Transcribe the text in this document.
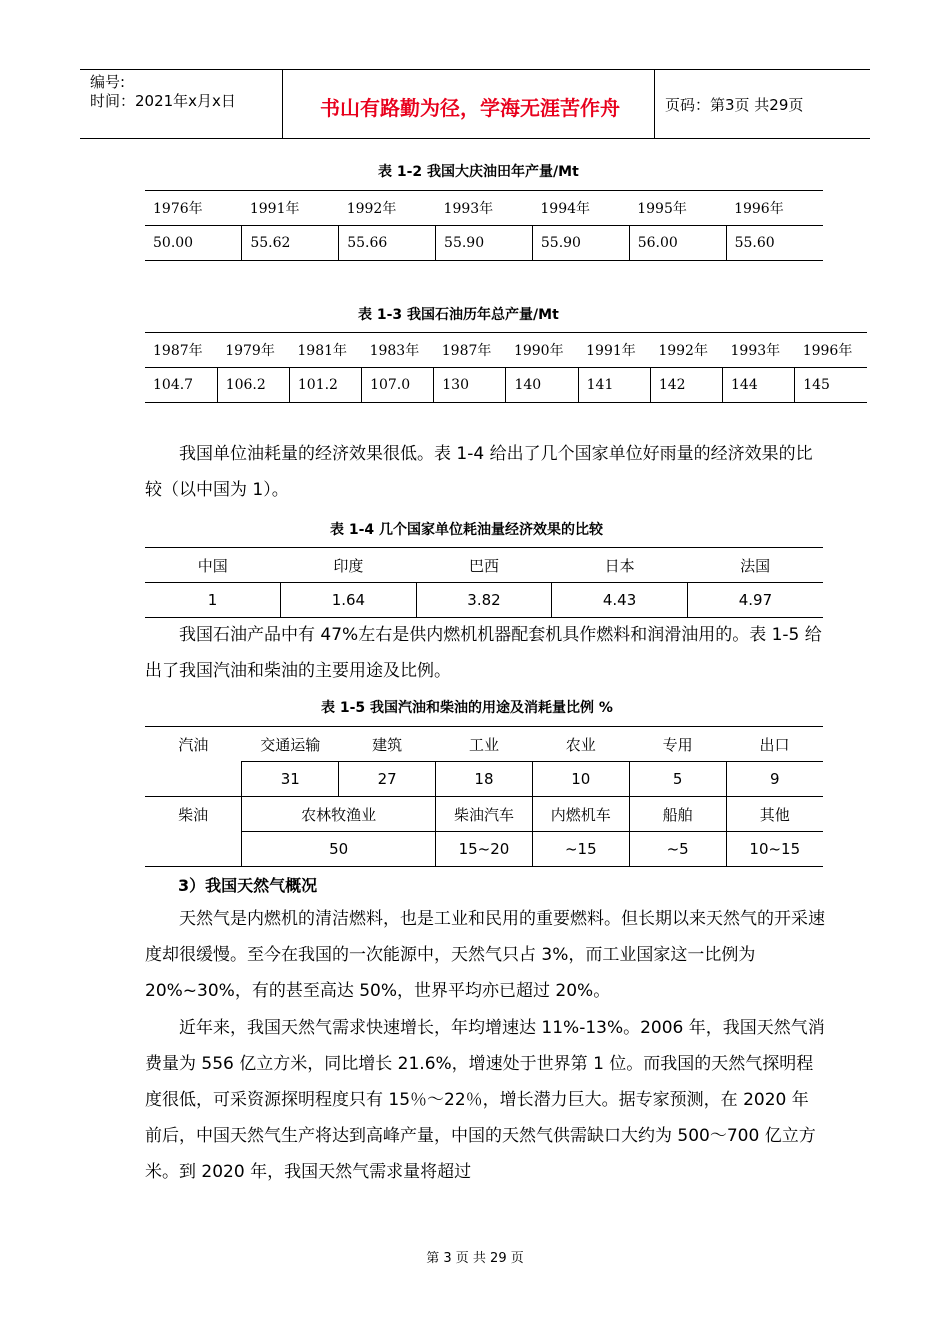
编号:
时间：2021年x月x日	书山有路勤为径，学海无涯苦作舟	页码：第3页 共29页
表 1-2 我国大庆油田年产量/Mt
1976年	1991年	1992年	1993年	1994年	1995年	1996年
50.00	55.62	55.66	55.90	55.90	56.00	55.60
表 1-3 我国石油历年总产量/Mt
1987年	1979年	1981年	1983年	1987年	1990年	1991年	1992年	1993年	1996年
104.7	106.2	101.2	107.0	130	140	141	142	144	145

我国单位油耗量的经济效果很低。表 1-4 给出了几个国家单位好雨量的经济效果的比较（以中国为 1）。

表 1-4 几个国家单位耗油量经济效果的比较
中国	印度	巴西	日本	法国
1	1.64	3.82	4.43	4.97

我国石油产品中有 47%左右是供内燃机机器配套机具作燃料和润滑油用的。表 1-5 给出了我国汽油和柴油的主要用途及比例。

表 1-5 我国汽油和柴油的用途及消耗量比例 %
汽油	交通运输	建筑	工业	农业	专用	出口
	31	27	18	10	5	9
柴油	农林牧渔业		柴油汽车	内燃机车	船舶	其他
	50		15~20	~15	~5	10~15
3）我国天然气概况

天然气是内燃机的清洁燃料，也是工业和民用的重要燃料。但长期以来天然气的开采速度却很缓慢。至今在我国的一次能源中，天然气只占 3%，而工业国家这一比例为 20%~30%，有的甚至高达 50%，世界平均亦已超过 20%。

近年来，我国天然气需求快速增长，年均增速达 11%-13%。2006 年，我国天然气消费量为 556 亿立方米，同比增长 21.6%，增速处于世界第 1 位。而我国的天然气探明程度很低，可采资源探明程度只有 15％～22％，增长潜力巨大。据专家预测，在 2020 年前后，中国天然气生产将达到高峰产量，中国的天然气供需缺口大约为 500～700 亿立方米。到 2020 年，我国天然气需求量将超过

第 3 页 共 29 页
